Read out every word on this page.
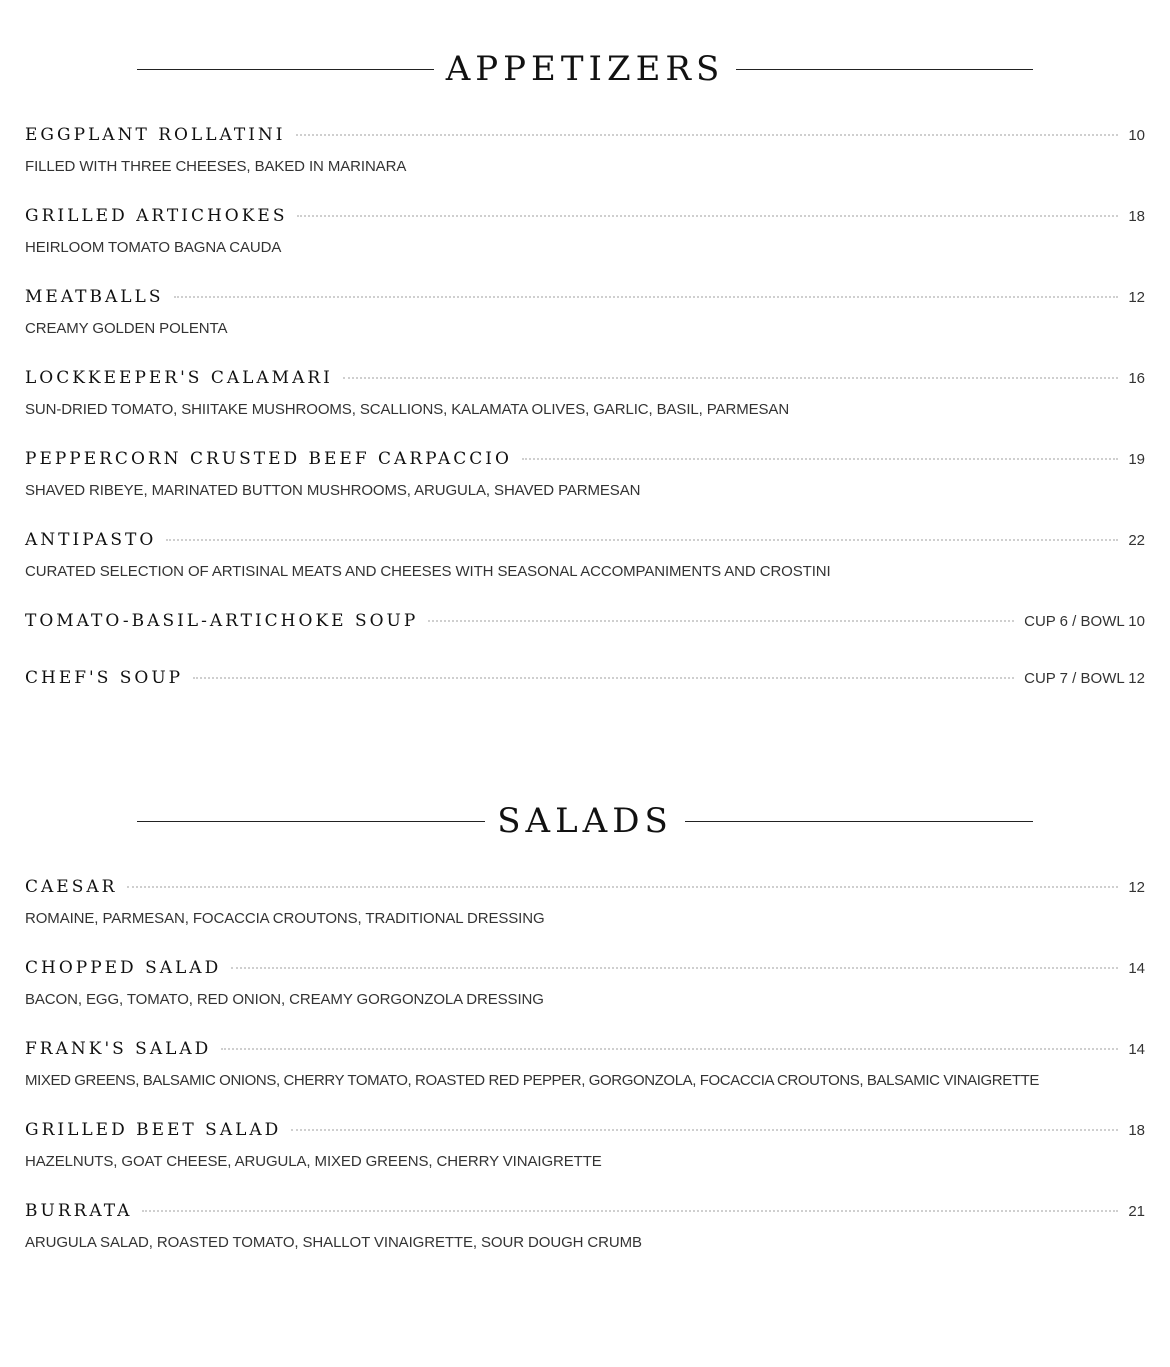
APPETIZERS
EGGPLANT ROLLATINI	10
FILLED WITH THREE CHEESES, BAKED IN MARINARA
GRILLED ARTICHOKES	18
HEIRLOOM TOMATO BAGNA CAUDA
MEATBALLS	12
CREAMY GOLDEN POLENTA
LOCKKEEPER'S CALAMARI	16
SUN-DRIED TOMATO, SHIITAKE MUSHROOMS, SCALLIONS, KALAMATA OLIVES, GARLIC, BASIL, PARMESAN
PEPPERCORN CRUSTED BEEF CARPACCIO	19
SHAVED RIBEYE, MARINATED BUTTON MUSHROOMS, ARUGULA, SHAVED PARMESAN
ANTIPASTO	22
CURATED SELECTION OF ARTISINAL MEATS AND CHEESES WITH SEASONAL ACCOMPANIMENTS AND CROSTINI
TOMATO-BASIL-ARTICHOKE SOUP	CUP 6 / BOWL 10
CHEF'S SOUP	CUP 7 / BOWL 12
SALADS
CAESAR	12
ROMAINE, PARMESAN, FOCACCIA CROUTONS, TRADITIONAL DRESSING
CHOPPED SALAD	14
BACON, EGG, TOMATO, RED ONION, CREAMY GORGONZOLA DRESSING
FRANK'S SALAD	14
MIXED GREENS, BALSAMIC ONIONS, CHERRY TOMATO, ROASTED RED PEPPER, GORGONZOLA, FOCACCIA CROUTONS, BALSAMIC VINAIGRETTE
GRILLED BEET SALAD	18
HAZELNUTS, GOAT CHEESE, ARUGULA, MIXED GREENS, CHERRY VINAIGRETTE
BURRATA	21
ARUGULA SALAD, ROASTED TOMATO, SHALLOT VINAIGRETTE, SOUR DOUGH CRUMB
